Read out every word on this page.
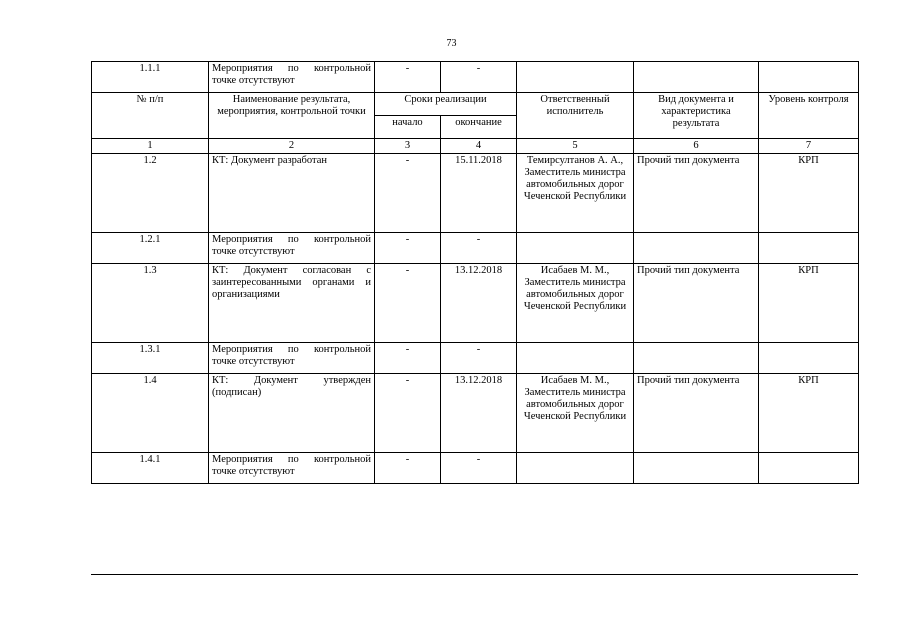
73
1.1.1	Мероприятия по контрольной точке отсутствуют	-	-			
№ п/п	Наименование результата, мероприятия, контрольной точки	Сроки реализации		Ответственный исполнитель	Вид документа и характеристика результата	Уровень контроля
		начало	окончание			
1	2	3	4	5	6	7
1.2	КТ: Документ разработан	-	15.11.2018	Темирсултанов А. А., Заместитель министра автомобильных дорог Чеченской Республики	Прочий тип документа	КРП
1.2.1	Мероприятия по контрольной точке отсутствуют	-	-			
1.3	КТ: Документ согласован с заинтересованными органами и организациями	-	13.12.2018	Исабаев М. М., Заместитель министра автомобильных дорог Чеченской Республики	Прочий тип документа	КРП
1.3.1	Мероприятия по контрольной точке отсутствуют	-	-			
1.4	КТ: Документ утвержден (подписан)	-	13.12.2018	Исабаев М. М., Заместитель министра автомобильных дорог Чеченской Республики	Прочий тип документа	КРП
1.4.1	Мероприятия по контрольной точке отсутствуют	-	-			
